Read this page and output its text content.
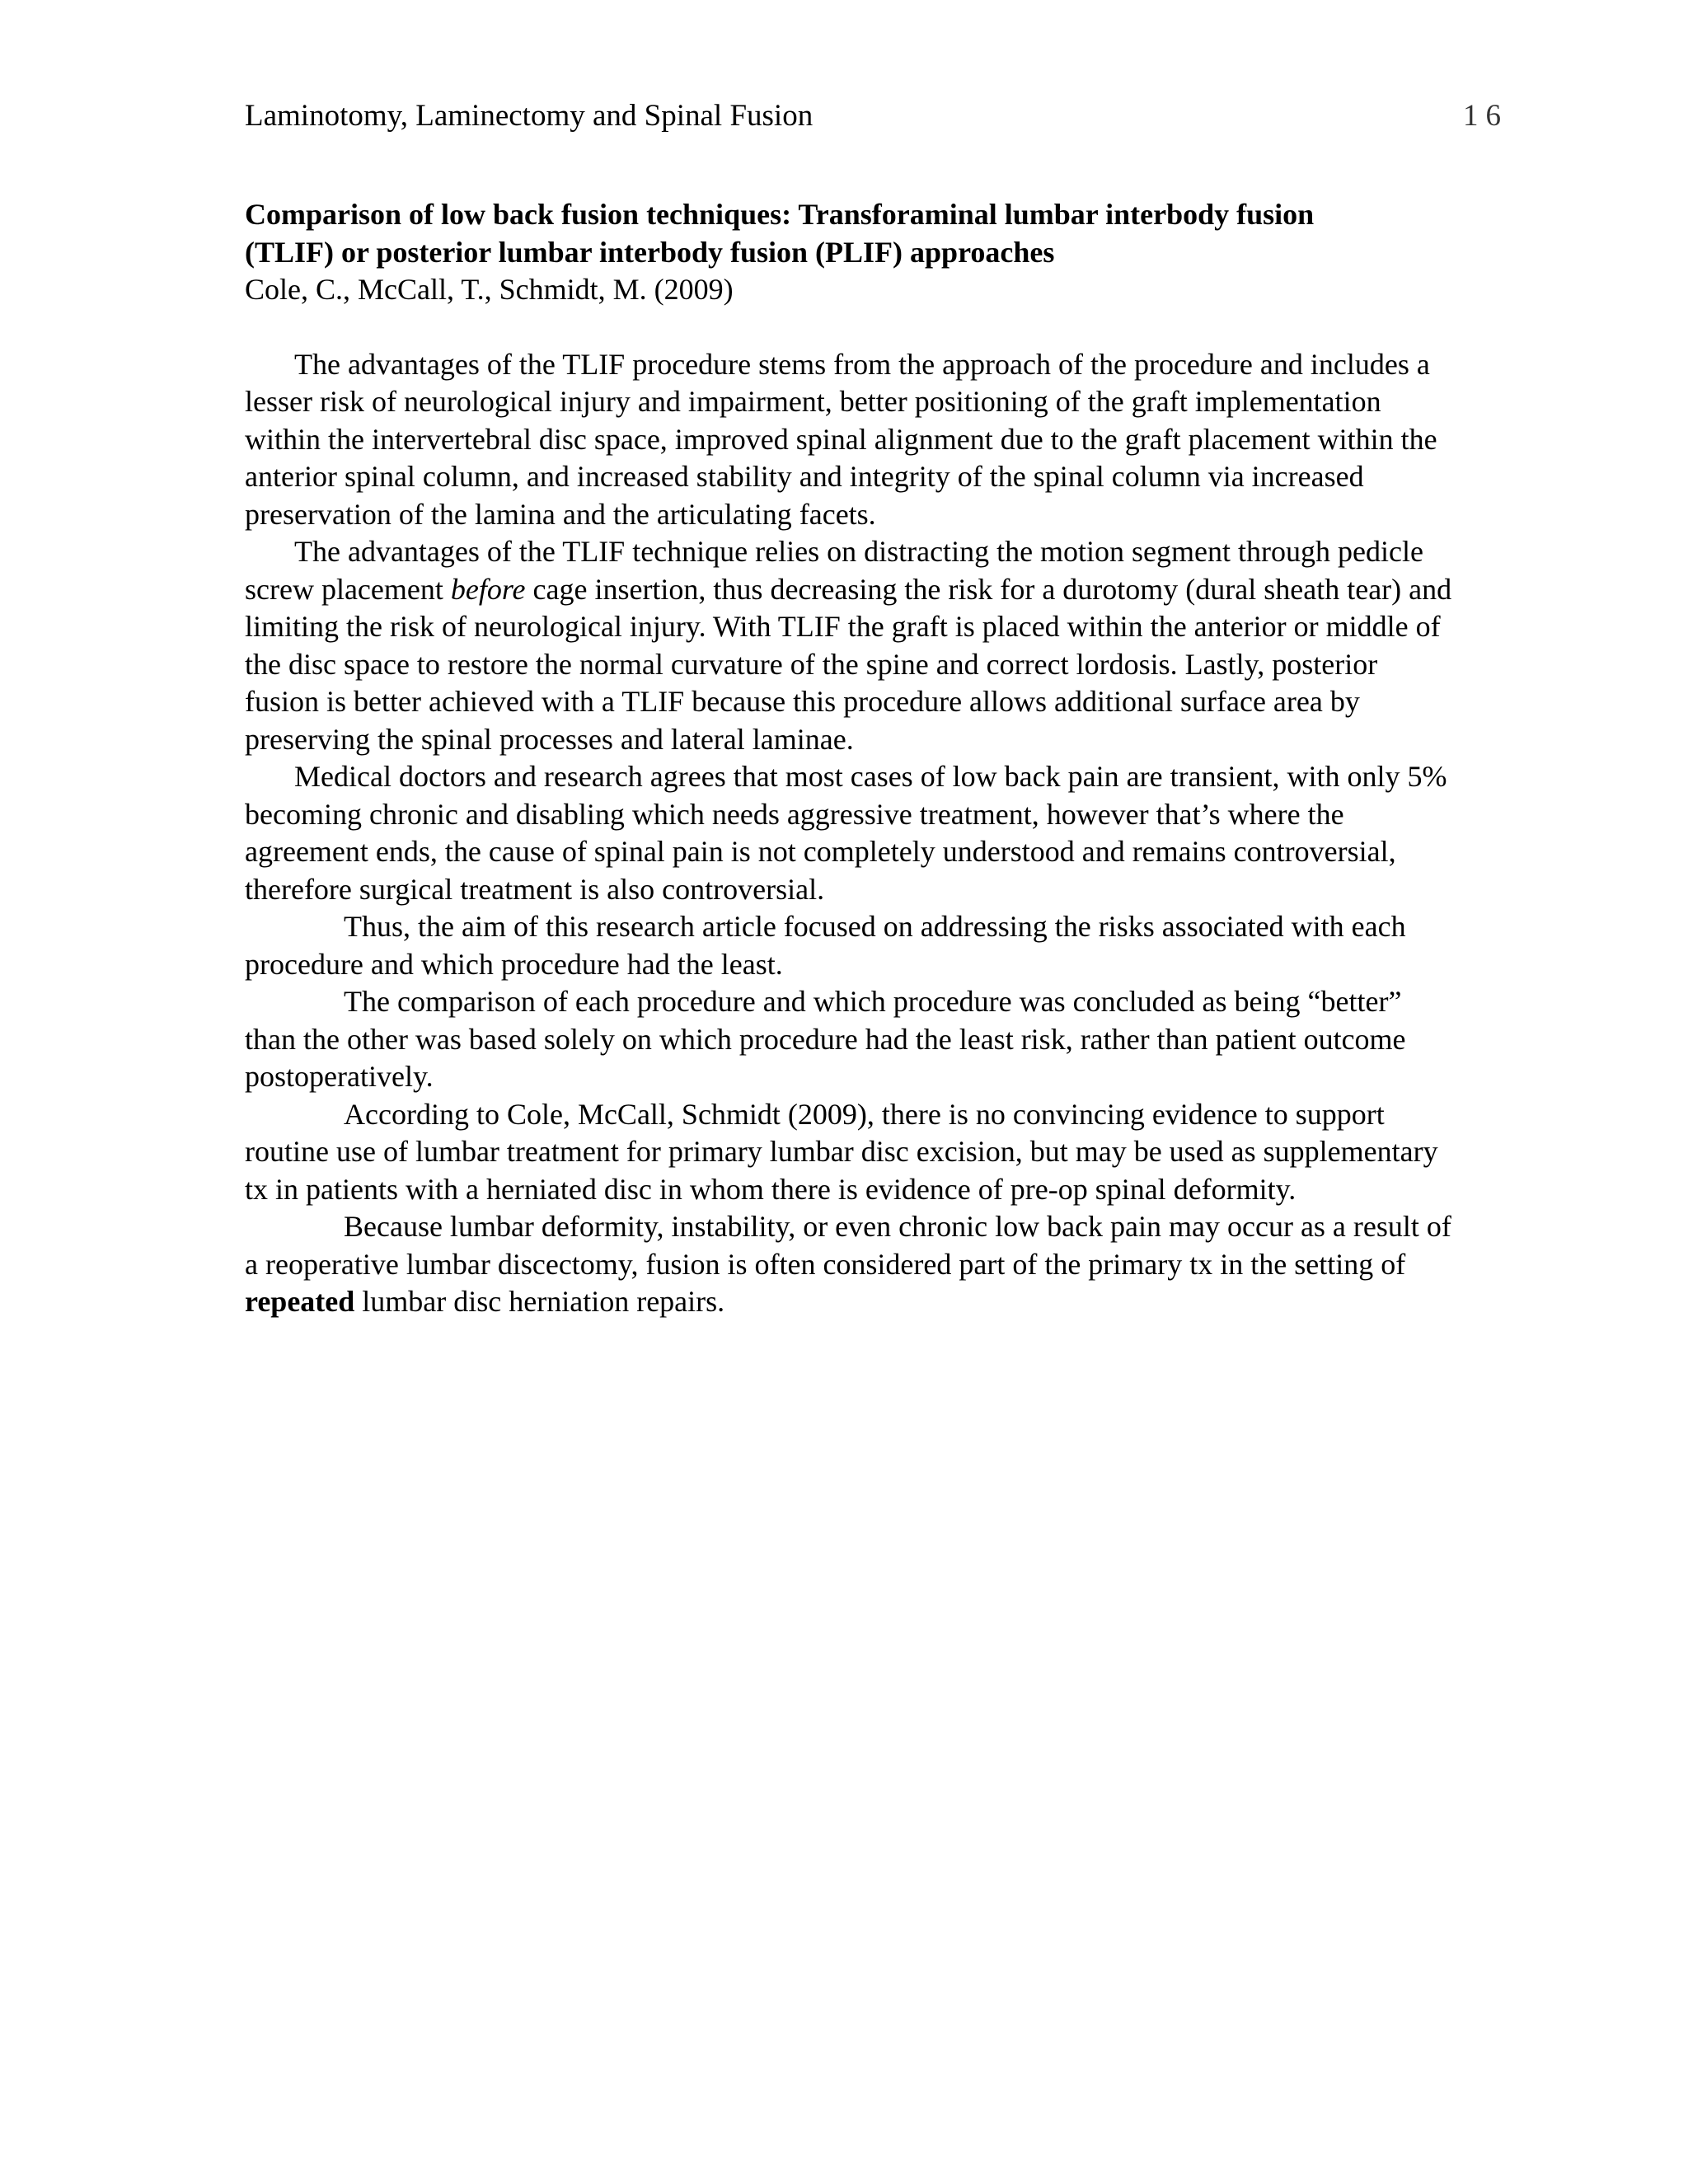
Laminotomy, Laminectomy and Spinal Fusion	16

Comparison of low back fusion techniques: Transforaminal lumbar interbody fusion (TLIF) or posterior lumbar interbody fusion (PLIF) approaches

Cole, C., McCall, T., Schmidt, M. (2009)

The advantages of the TLIF procedure stems from the approach of the procedure and includes a lesser risk of neurological injury and impairment, better positioning of the graft implementation within the intervertebral disc space, improved spinal alignment due to the graft placement within the anterior spinal column, and increased stability and integrity of the spinal column via increased preservation of the lamina and the articulating facets.

The advantages of the TLIF technique relies on distracting the motion segment through pedicle screw placement before cage insertion, thus decreasing the risk for a durotomy (dural sheath tear) and limiting the risk of neurological injury. With TLIF the graft is placed within the anterior or middle of the disc space to restore the normal curvature of the spine and correct lordosis. Lastly, posterior fusion is better achieved with a TLIF because this procedure allows additional surface area by preserving the spinal processes and lateral laminae.

Medical doctors and research agrees that most cases of low back pain are transient, with only 5% becoming chronic and disabling which needs aggressive treatment, however that’s where the agreement ends, the cause of spinal pain is not completely understood and remains controversial, therefore surgical treatment is also controversial.

Thus, the aim of this research article focused on addressing the risks associated with each procedure and which procedure had the least.

The comparison of each procedure and which procedure was concluded as being “better” than the other was based solely on which procedure had the least risk, rather than patient outcome postoperatively.

According to Cole, McCall, Schmidt (2009), there is no convincing evidence to support routine use of lumbar treatment for primary lumbar disc excision, but may be used as supplementary tx in patients with a herniated disc in whom there is evidence of pre-op spinal deformity.

Because lumbar deformity, instability, or even chronic low back pain may occur as a result of a reoperative lumbar discectomy, fusion is often considered part of the primary tx in the setting of repeated lumbar disc herniation repairs.
